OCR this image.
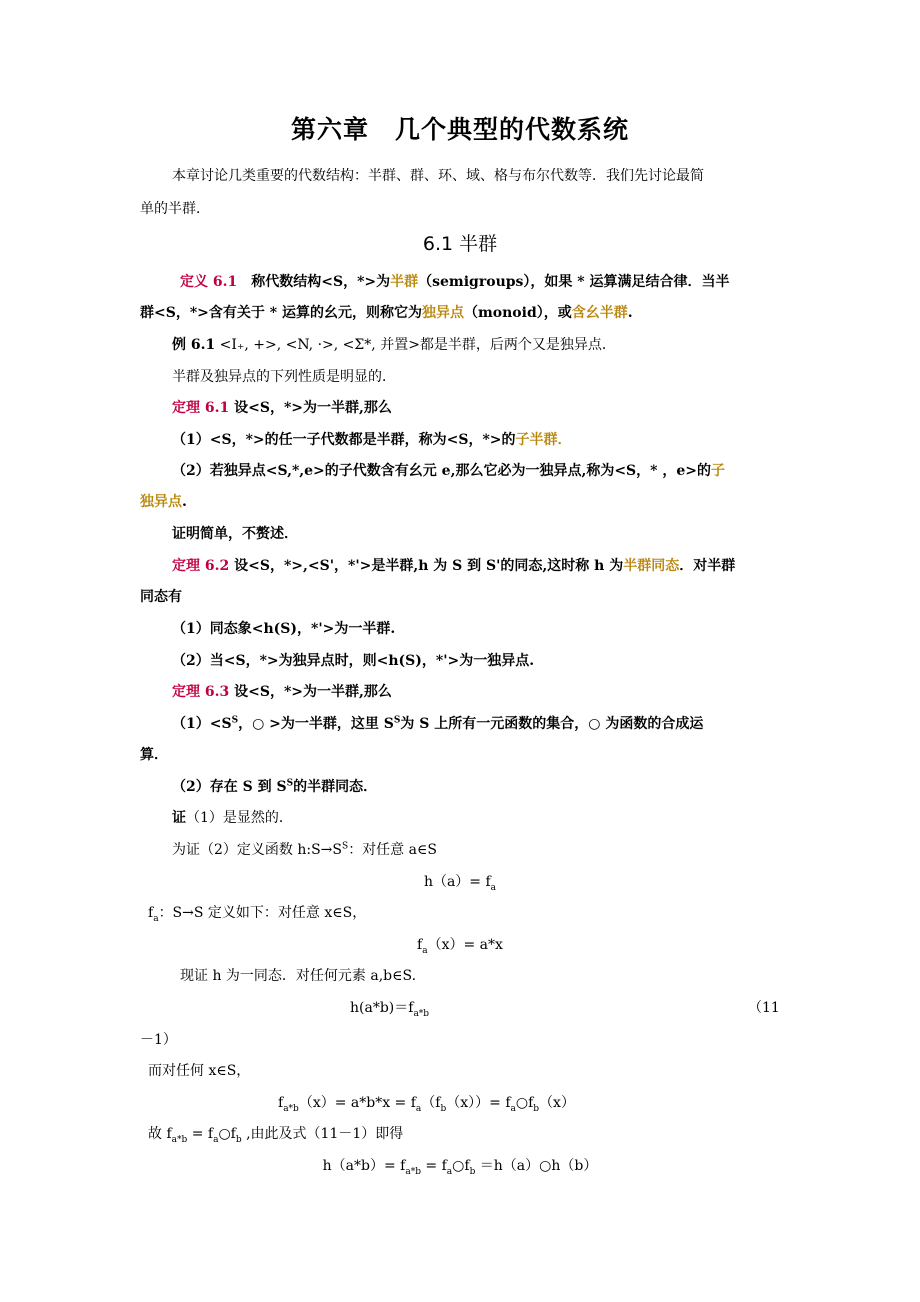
第六章　几个典型的代数系统
本章讨论几类重要的代数结构：半群、群、环、域、格与布尔代数等．我们先讨论最简
单的半群．
6.1 半群
定义 6.1　称代数结构<S，*>为半群（semigroups），如果 * 运算满足结合律．当半
群<S，*>含有关于 * 运算的幺元，则称它为独异点（monoid），或含幺半群.
例 6.1 <I₊, +>, <N, ·>, <Σ*, 并置>都是半群，后两个又是独异点．
半群及独异点的下列性质是明显的．
定理 6.1 设<S，*>为一半群,那么
（1）<S，*>的任一子代数都是半群，称为<S，*>的子半群．
（2）若独异点<S,*,e>的子代数含有幺元 e,那么它必为一独异点,称为<S，* ，e>的子
独异点.
证明简单，不赘述．
定理 6.2 设<S，*>,<S'，*'>是半群,h 为 S 到 S'的同态,这时称 h 为半群同态．对半群
同态有
（1）同态象<h(S)，*'>为一半群.
（2）当<S，*>为独异点时，则<h(S)，*'>为一独异点.
定理 6.3 设<S，*>为一半群,那么
$(1)<S^S$，○ >为一半群，这里 $S^S$为 S 上所有一元函数的集合，○ 为函数的合成运
算．
（2）存在 S 到 $S^S$的半群同态．
证（1）是显然的．
为证（2）定义函数 $h:S\to S^S$：对任意 a∈S
$h(a)= f_a$
$f_a$：S→S 定义如下：对任意 x∈S，
$f_a(x)= a*x$
现证 h 为一同态．对任何元素 a,b∈S.
$h(a*b)=f_{a*b}$	（11
－1）
而对任何 x∈S，
$f_{a*b}(x)= a*b*x = f_a(f_b(x))=$ $f_a○f_b(x)$
故 $f_{a*b}$ = $f_a○f_b$ ,由此及式（11－1）即得
$h(a*b)= f_{a*b}$ = $f_a○f_b$ ＝h（a）○h（b）
